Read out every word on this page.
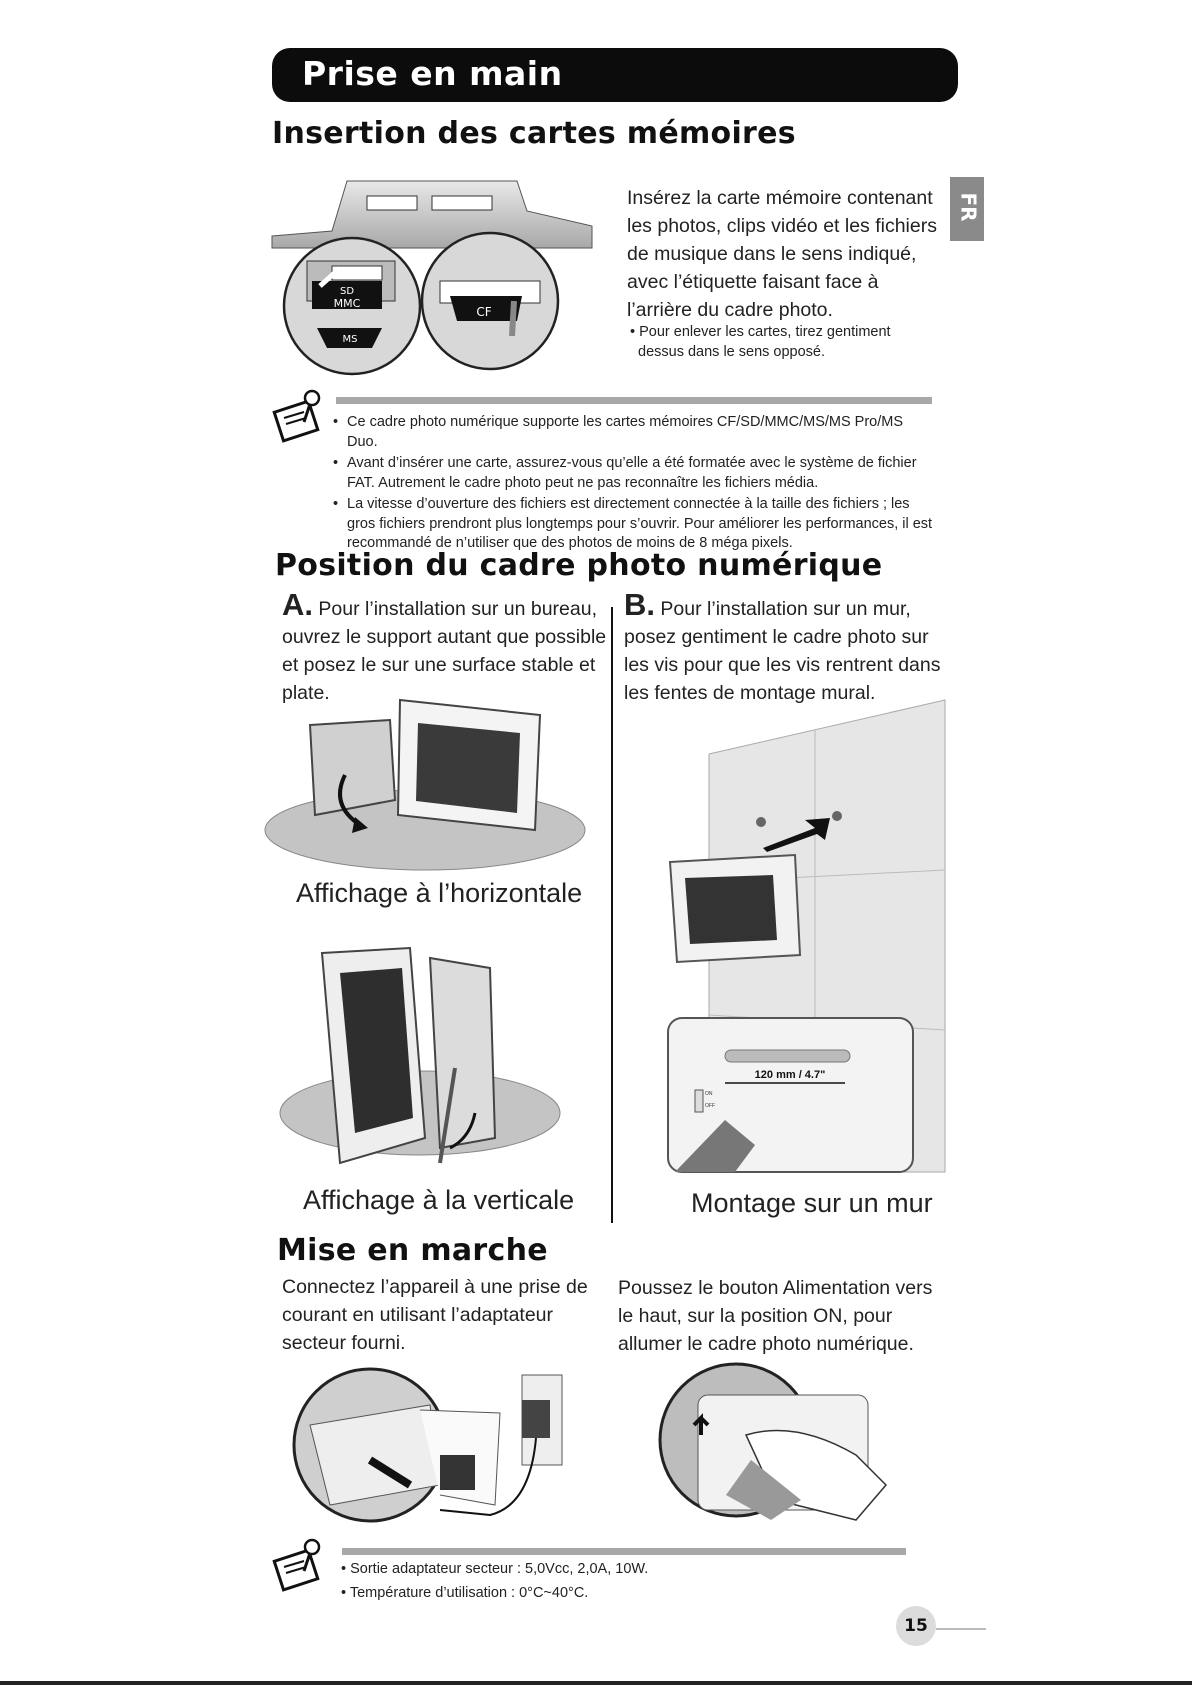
Prise en main
FR
Insertion des cartes mémoires
SD
MMC
MS
CF
Insérez la carte mémoire contenant les photos, clips vidéo et les fichiers de musique dans le sens indiqué, avec l’étiquette faisant face à l’arrière du cadre photo.
• Pour enlever les cartes, tirez gentiment dessus dans le sens opposé.
• Ce cadre photo numérique supporte les cartes mémoires CF/SD/MMC/MS/MS Pro/MS Duo.
• Avant d’insérer une carte, assurez-vous qu’elle a été formatée avec le système de fichier FAT. Autrement le cadre photo peut ne pas reconnaître les fichiers média.
• La vitesse d’ouverture des fichiers est directement connectée à la taille des fichiers ; les gros fichiers prendront plus longtemps pour s’ouvrir. Pour améliorer les performances, il est recommandé de n’utiliser que des photos de moins de 8 méga pixels.
Position du cadre photo numérique
A. Pour l’installation sur un bureau, ouvrez le support autant que possible et posez le sur une surface stable et plate.
B. Pour l’installation sur un mur, posez gentiment le cadre photo sur les vis pour que les vis rentrent dans les fentes de montage mural.
Affichage à l’horizontale
Affichage à la verticale
120 mm / 4.7"
ON
OFF
Montage sur un mur
Mise en marche
Connectez l’appareil à une prise de courant en utilisant l’adaptateur secteur fourni.
Poussez le bouton Alimentation vers le haut, sur la position ON, pour allumer le cadre photo numérique.
• Sortie adaptateur secteur : 5,0Vcc, 2,0A, 10W.
• Température d’utilisation : 0°C~40°C.
15
